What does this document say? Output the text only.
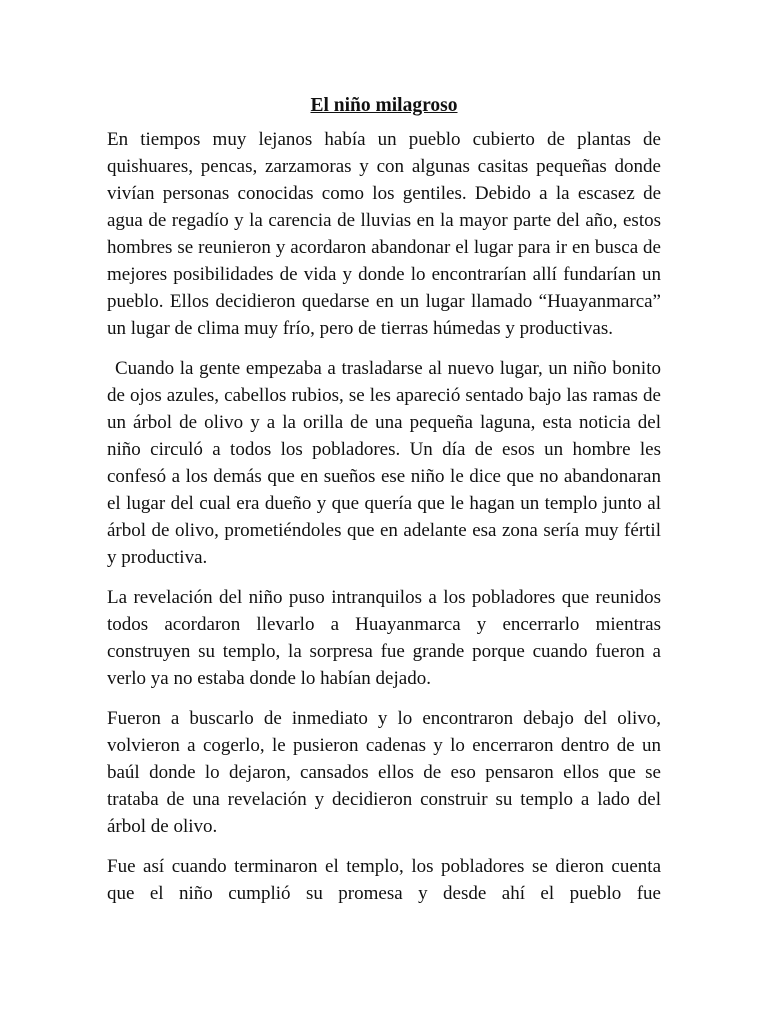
El niño milagroso

En tiempos muy lejanos había un pueblo cubierto de plantas de quishuares, pencas, zarzamoras y con algunas casitas pequeñas donde vivían personas conocidas como los gentiles. Debido a la escasez de agua de regadío y la carencia de lluvias en la mayor parte del año, estos hombres se reunieron y acordaron abandonar el lugar para ir en busca de mejores posibilidades de vida y donde lo encontrarían allí fundarían un pueblo. Ellos decidieron quedarse en un lugar llamado “Huayanmarca” un lugar de clima muy frío, pero de tierras húmedas y productivas.

Cuando la gente empezaba a trasladarse al nuevo lugar, un niño bonito de ojos azules, cabellos rubios, se les apareció sentado bajo las ramas de un árbol de olivo y a la orilla de una pequeña laguna, esta noticia del niño circuló a todos los pobladores. Un día de esos un hombre les confesó a los demás que en sueños ese niño le dice que no abandonaran el lugar del cual era dueño y que quería que le hagan un templo junto al árbol de olivo, prometiéndoles que en adelante esa zona sería muy fértil y productiva.

La revelación del niño puso intranquilos a los pobladores que reunidos todos acordaron llevarlo a Huayanmarca y encerrarlo mientras construyen su templo, la sorpresa fue grande porque cuando fueron a verlo ya no estaba donde lo habían dejado.

Fueron a buscarlo de inmediato y lo encontraron debajo del olivo, volvieron a cogerlo, le pusieron cadenas y lo encerraron dentro de un baúl donde lo dejaron, cansados ellos de eso pensaron ellos que se trataba de una revelación y decidieron construir su templo a lado del árbol de olivo.

Fue así cuando terminaron el templo, los pobladores se dieron cuenta que el niño cumplió su promesa y desde ahí el pueblo fue
